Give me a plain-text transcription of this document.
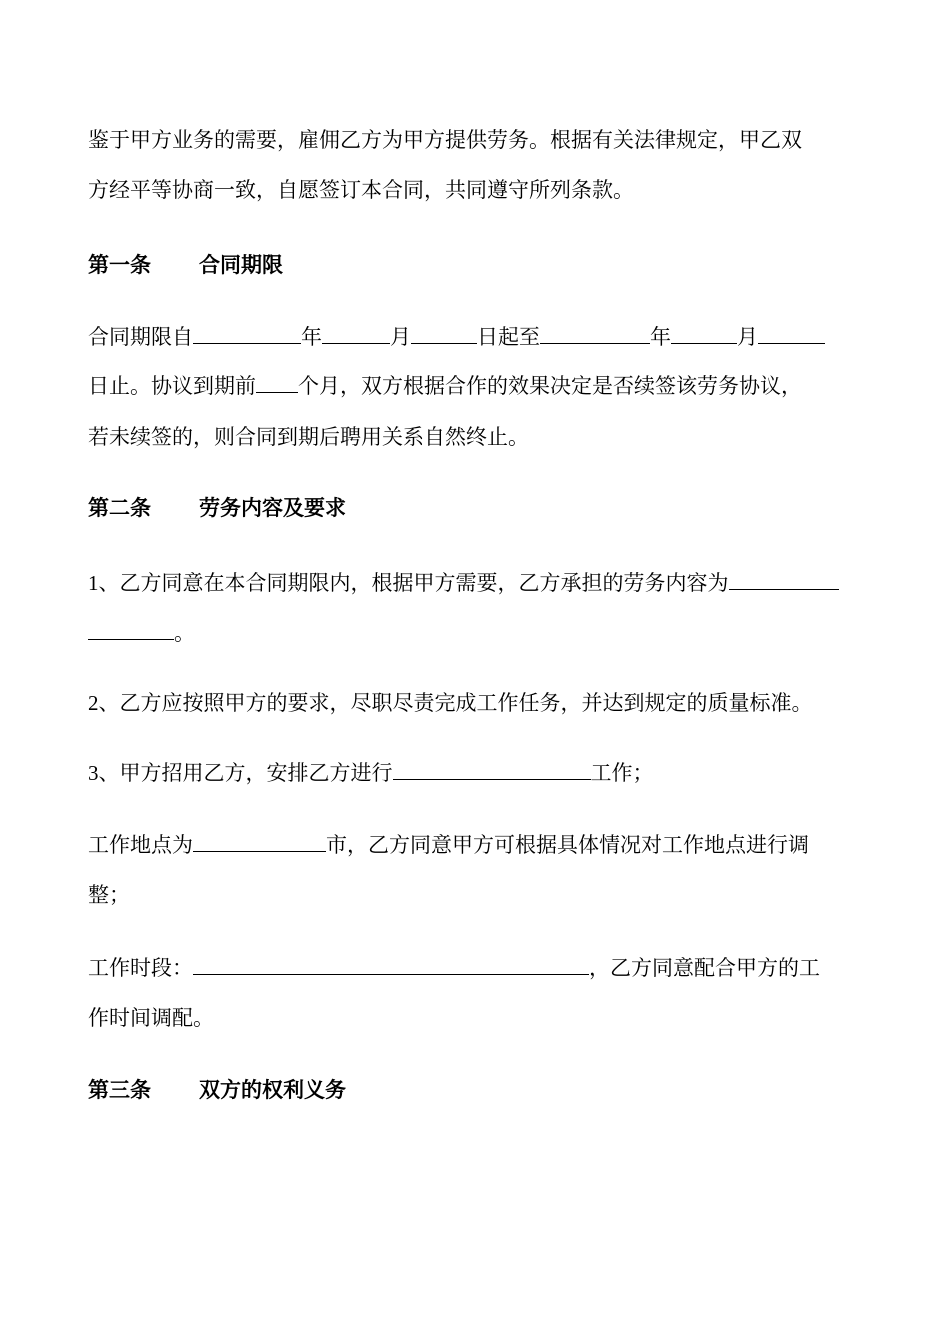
鉴于甲方业务的需要，雇佣乙方为甲方提供劳务。根据有关法律规定，甲乙双
方经平等协商一致，自愿签订本合同，共同遵守所列条款。
第一条 合同期限
合同期限自	年	月	日起至	年	月
日止。协议到期前 个月，双方根据合作的效果决定是否续签该劳务协议，
若未续签的，则合同到期后聘用关系自然终止。
第二条 劳务内容及要求
1、乙方同意在本合同期限内，根据甲方需要，乙方承担的劳务内容为
。
2、乙方应按照甲方的要求，尽职尽责完成工作任务，并达到规定的质量标准。
3、甲方招用乙方，安排乙方进行	工作；
工作地点为	市，乙方同意甲方可根据具体情况对工作地点进行调
整；
工作时段：	，乙方同意配合甲方的工
作时间调配。
第三条 双方的权利义务
